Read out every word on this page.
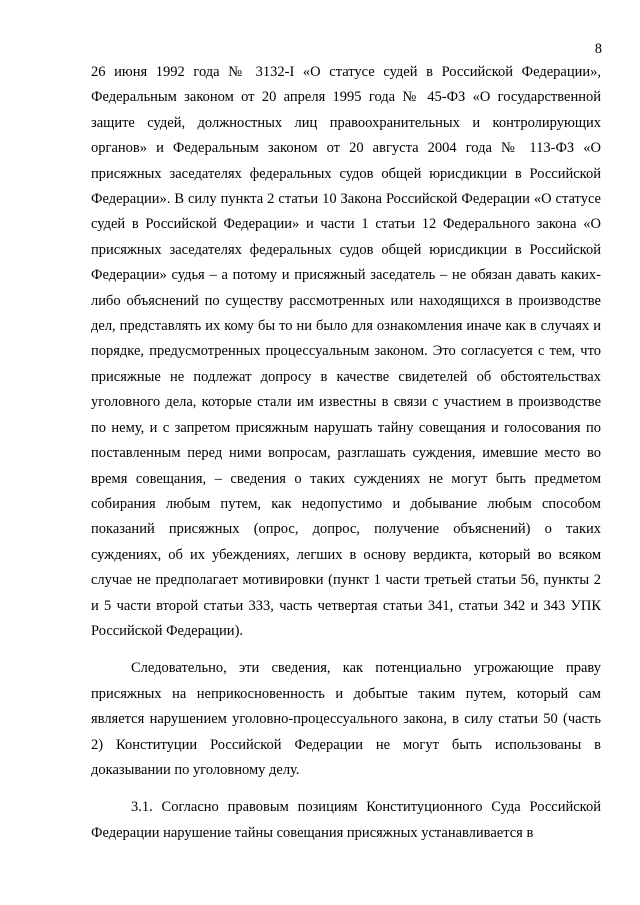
8

26 июня 1992 года № 3132-I «О статусе судей в Российской Федерации», Федеральным законом от 20 апреля 1995 года № 45-ФЗ «О государственной защите судей, должностных лиц правоохранительных и контролирующих органов» и Федеральным законом от 20 августа 2004 года № 113-ФЗ «О присяжных заседателях федеральных судов общей юрисдикции в Российской Федерации». В силу пункта 2 статьи 10 Закона Российской Федерации «О статусе судей в Российской Федерации» и части 1 статьи 12 Федерального закона «О присяжных заседателях федеральных судов общей юрисдикции в Российской Федерации» судья – а потому и присяжный заседатель – не обязан давать каких-либо объяснений по существу рассмотренных или находящихся в производстве дел, представлять их кому бы то ни было для ознакомления иначе как в случаях и порядке, предусмотренных процессуальным законом. Это согласуется с тем, что присяжные не подлежат допросу в качестве свидетелей об обстоятельствах уголовного дела, которые стали им известны в связи с участием в производстве по нему, и с запретом присяжным нарушать тайну совещания и голосования по поставленным перед ними вопросам, разглашать суждения, имевшие место во время совещания, – сведения о таких суждениях не могут быть предметом собирания любым путем, как недопустимо и добывание любым способом показаний присяжных (опрос, допрос, получение объяснений) о таких суждениях, об их убеждениях, легших в основу вердикта, который во всяком случае не предполагает мотивировки (пункт 1 части третьей статьи 56, пункты 2 и 5 части второй статьи 333, часть четвертая статьи 341, статьи 342 и 343 УПК Российской Федерации).

Следовательно, эти сведения, как потенциально угрожающие праву присяжных на неприкосновенность и добытые таким путем, который сам является нарушением уголовно-процессуального закона, в силу статьи 50 (часть 2) Конституции Российской Федерации не могут быть использованы в доказывании по уголовному делу.

3.1. Согласно правовым позициям Конституционного Суда Российской Федерации нарушение тайны совещания присяжных устанавливается в
